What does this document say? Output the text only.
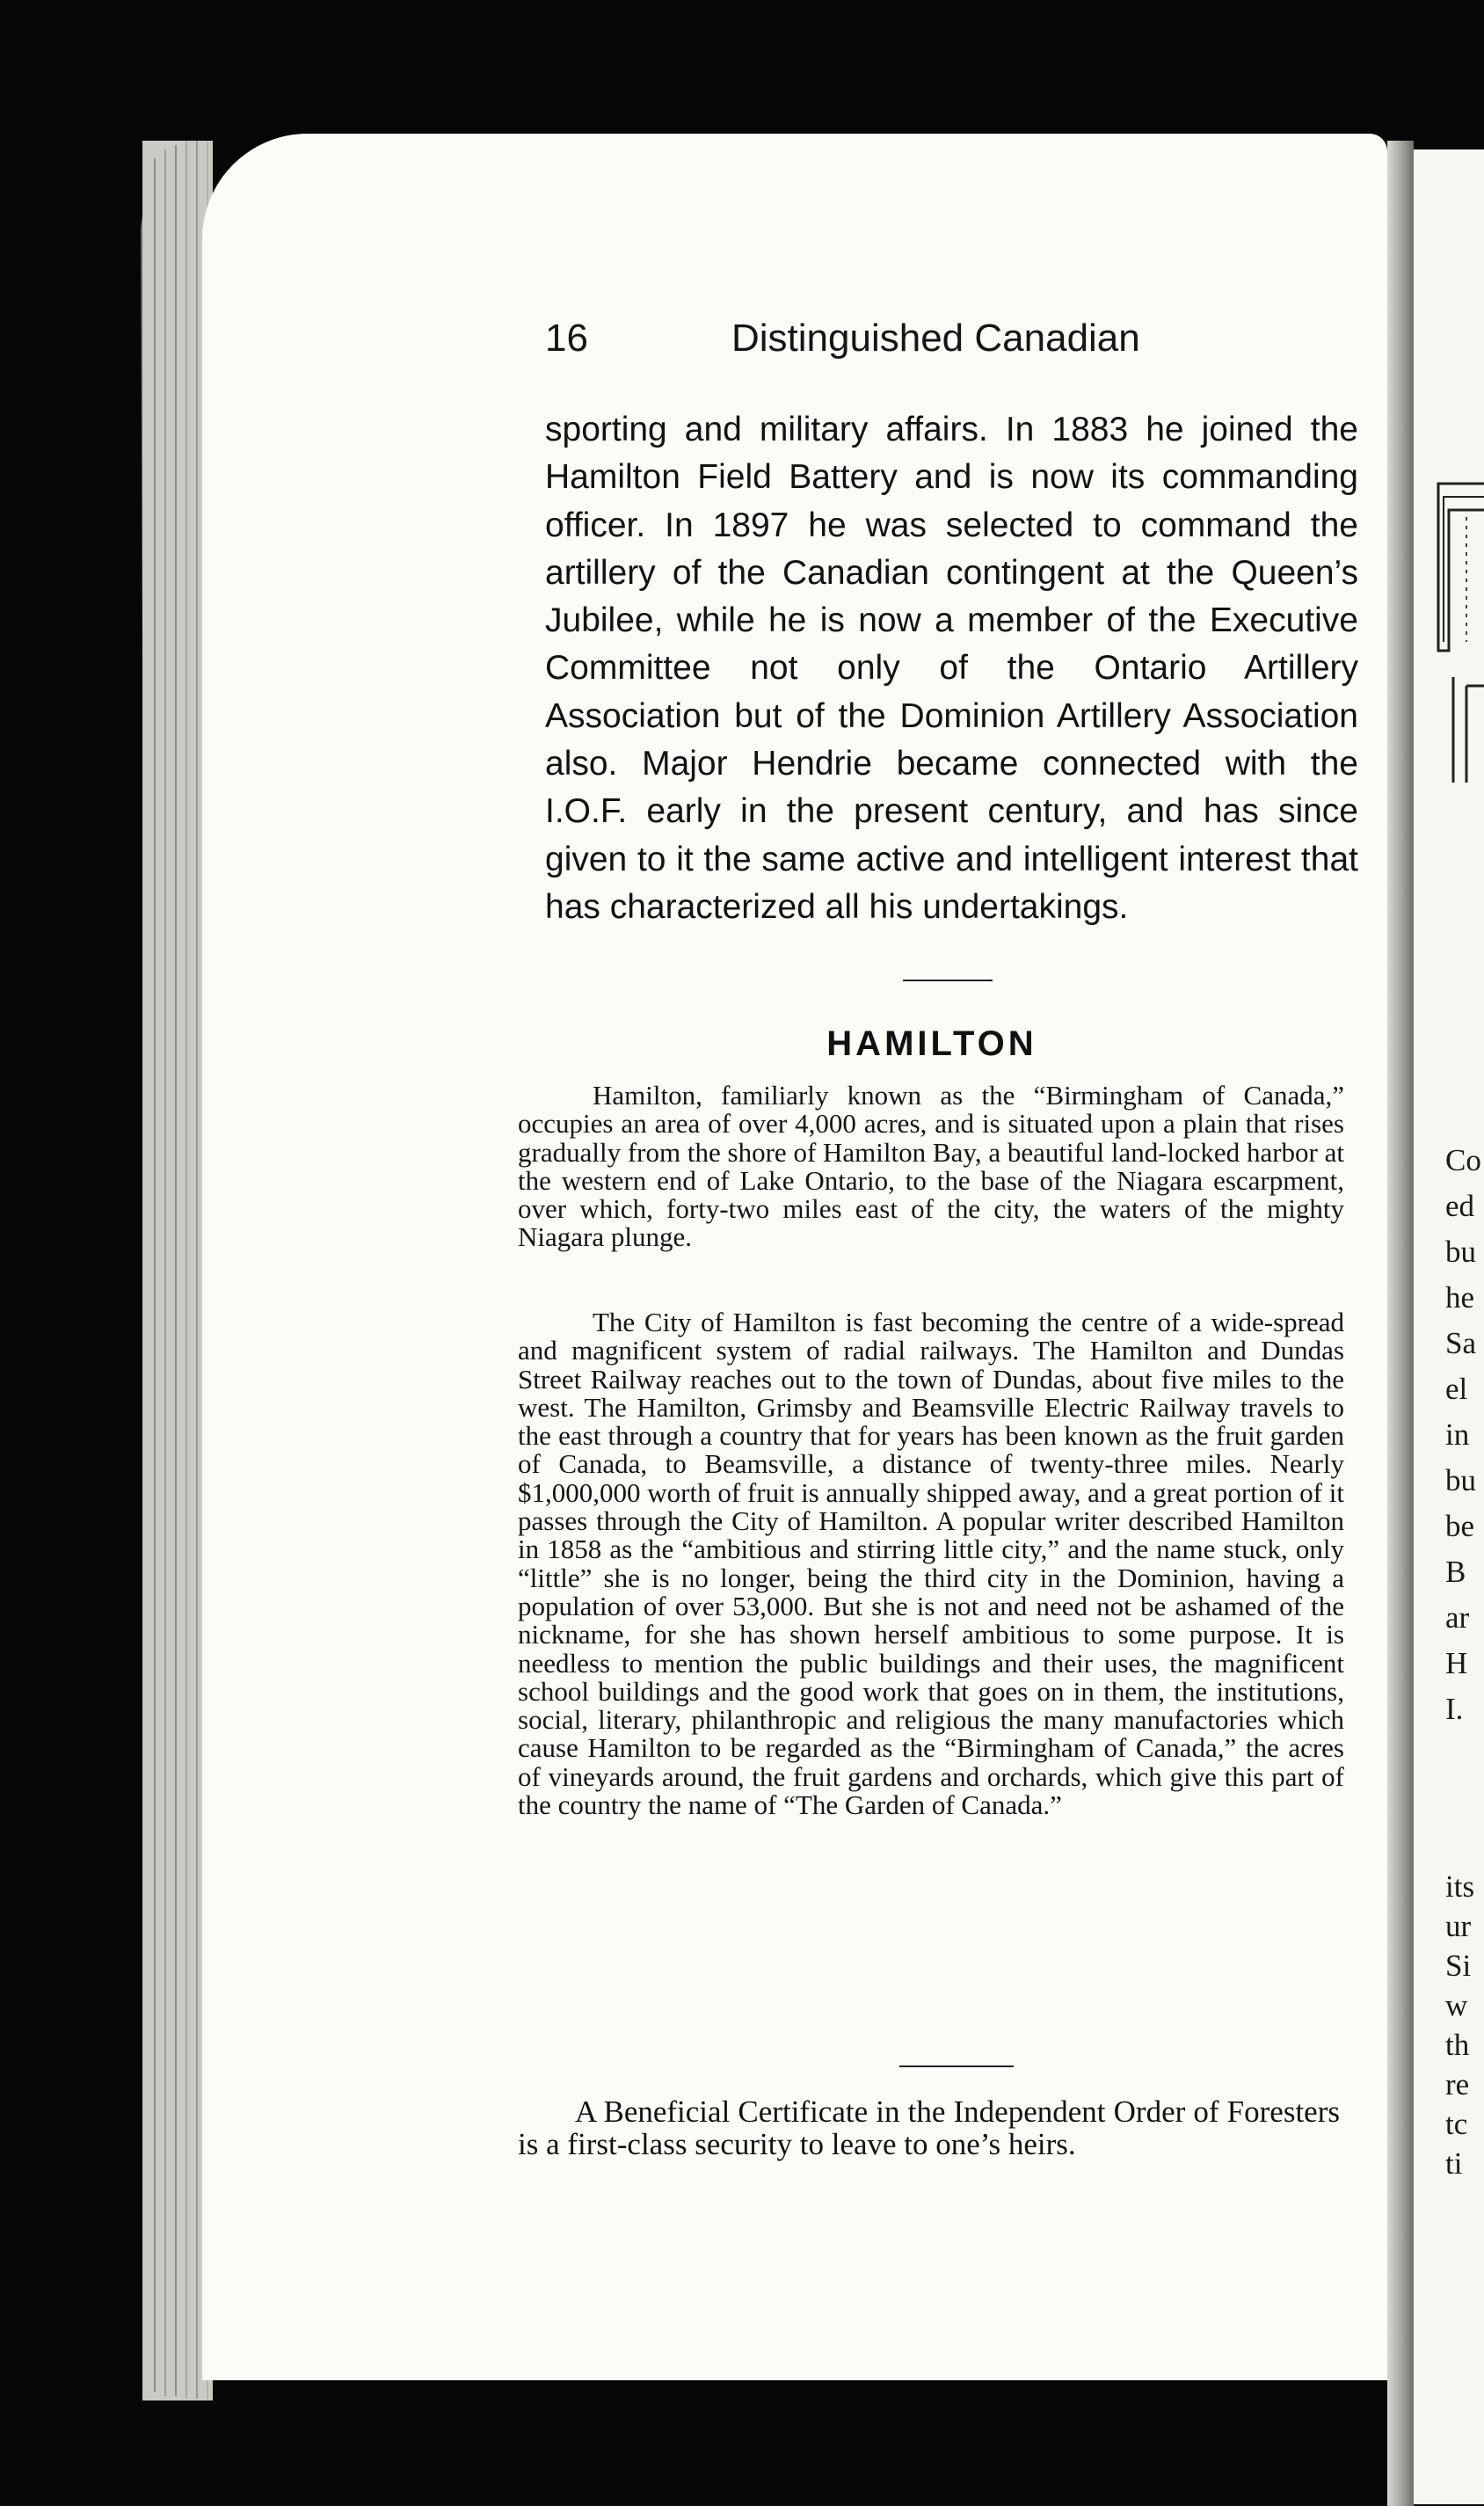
16	Distinguished Canadian

sporting and military affairs. In 1883 he joined the Hamilton Field Battery and is now its commanding officer. In 1897 he was selected to command the artillery of the Canadian contingent at the Queen’s Jubilee, while he is now a member of the Executive Committee not only of the Ontario Artillery Association but of the Dominion Artillery Association also. Major Hendrie became connected with the I.O.F. early in the present century, and has since given to it the same active and intelligent interest that has characterized all his undertakings.

HAMILTON

Hamilton, familiarly known as the “Birmingham of Canada,” occupies an area of over 4,000 acres, and is situated upon a plain that rises gradually from the shore of Hamilton Bay, a beautiful land-locked harbor at the western end of Lake Ontario, to the base of the Niagara escarpment, over which, forty-two miles east of the city, the waters of the mighty Niagara plunge.

The City of Hamilton is fast becoming the centre of a wide-spread and magnificent system of radial railways. The Hamilton and Dundas Street Railway reaches out to the town of Dundas, about five miles to the west. The Hamilton, Grimsby and Beamsville Electric Railway travels to the east through a country that for years has been known as the fruit garden of Canada, to Beamsville, a distance of twenty-three miles. Nearly $1,000,000 worth of fruit is annually shipped away, and a great portion of it passes through the City of Hamilton. A popular writer described Hamilton in 1858 as the “ambitious and stirring little city,” and the name stuck, only “little” she is no longer, being the third city in the Dominion, having a population of over 53,000. But she is not and need not be ashamed of the nickname, for she has shown herself ambitious to some purpose. It is needless to mention the public buildings and their uses, the magnificent school buildings and the good work that goes on in them, the institutions, social, literary, philanthropic and religious the many manufactories which cause Hamilton to be regarded as the “Birmingham of Canada,” the acres of vineyards around, the fruit gardens and orchards, which give this part of the country the name of “The Garden of Canada.”

A Beneficial Certificate in the Independent Order of Foresters is a first-class security to leave to one’s heirs.

Co
ed
bu
he
Sa
el
in
bu
be
B
ar
H
I.
its
ur
Si
w
th
re
tc
ti
